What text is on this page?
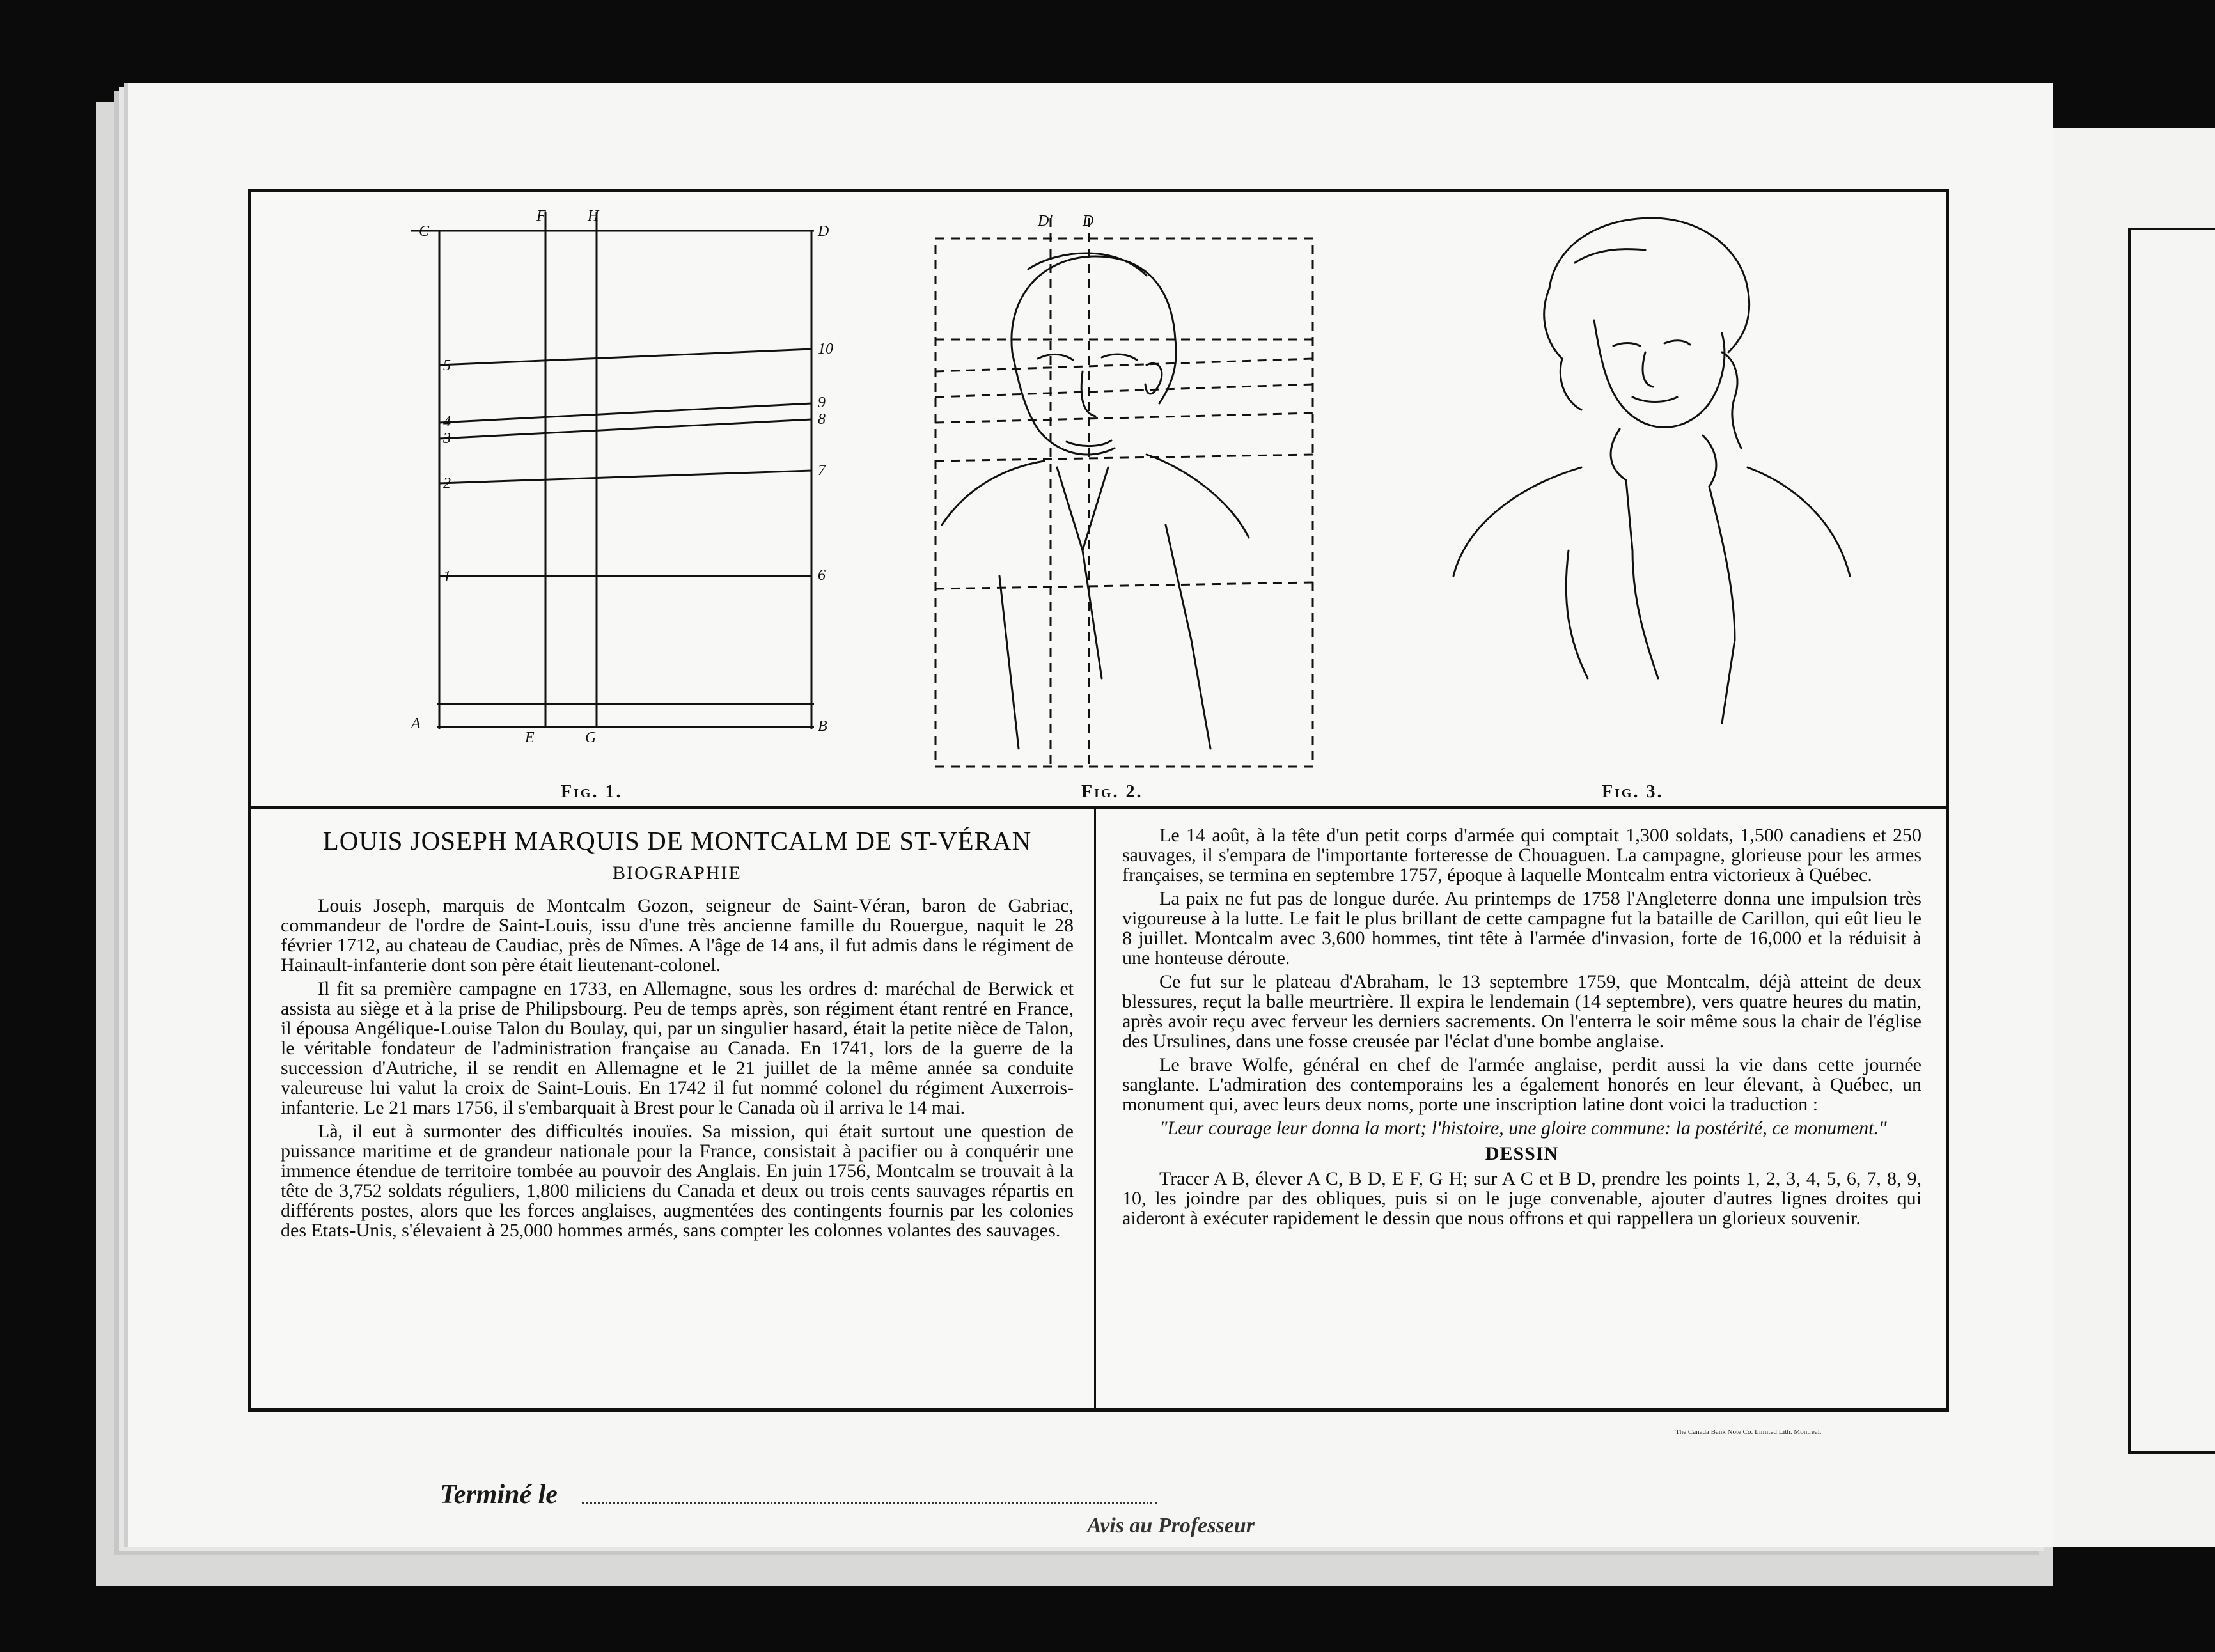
C
F	H
D
A
E	G
B
1
2
3
4
5
6
7
8
9
10
D' D
Fig. 1.	Fig. 2.	Fig. 3.
LOUIS JOSEPH MARQUIS DE MONTCALM DE ST-VÉRAN
BIOGRAPHIE

Louis Joseph, marquis de Montcalm Gozon, seigneur de Saint-Véran, baron de Gabriac, commandeur de l'ordre de Saint-Louis, issu d'une très ancienne famille du Rouergue, naquit le 28 février 1712, au chateau de Caudiac, près de Nîmes. A l'âge de 14 ans, il fut admis dans le régiment de Hainault-infanterie dont son père était lieutenant-colonel.

Il fit sa première campagne en 1733, en Allemagne, sous les ordres d: maréchal de Berwick et assista au siège et à la prise de Philipsbourg. Peu de temps après, son régiment étant rentré en France, il épousa Angélique-Louise Talon du Boulay, qui, par un singulier hasard, était la petite nièce de Talon, le véritable fondateur de l'administration française au Canada. En 1741, lors de la guerre de la succession d'Autriche, il se rendit en Allemagne et le 21 juillet de la même année sa conduite valeureuse lui valut la croix de Saint-Louis. En 1742 il fut nommé colonel du régiment Auxerrois-infanterie. Le 21 mars 1756, il s'embarquait à Brest pour le Canada où il arriva le 14 mai.

Là, il eut à surmonter des difficultés inouïes. Sa mission, qui était surtout une question de puissance maritime et de grandeur nationale pour la France, consistait à pacifier ou à conquérir une immence étendue de territoire tombée au pouvoir des Anglais. En juin 1756, Montcalm se trouvait à la tête de 3,752 soldats réguliers, 1,800 miliciens du Canada et deux ou trois cents sauvages répartis en différents postes, alors que les forces anglaises, augmentées des contingents fournis par les colonies des Etats-Unis, s'élevaient à 25,000 hommes armés, sans compter les colonnes volantes des sauvages.

Le 14 août, à la tête d'un petit corps d'armée qui comptait 1,300 soldats, 1,500 canadiens et 250 sauvages, il s'empara de l'importante forteresse de Chouaguen. La campagne, glorieuse pour les armes françaises, se termina en septembre 1757, époque à laquelle Montcalm entra victorieux à Québec.

La paix ne fut pas de longue durée. Au printemps de 1758 l'Angleterre donna une impulsion très vigoureuse à la lutte. Le fait le plus brillant de cette campagne fut la bataille de Carillon, qui eût lieu le 8 juillet. Montcalm avec 3,600 hommes, tint tête à l'armée d'invasion, forte de 16,000 et la réduisit à une honteuse déroute.

Ce fut sur le plateau d'Abraham, le 13 septembre 1759, que Montcalm, déjà atteint de deux blessures, reçut la balle meurtrière. Il expira le lendemain (14 septembre), vers quatre heures du matin, après avoir reçu avec ferveur les derniers sacrements. On l'enterra le soir même sous la chair de l'église des Ursulines, dans une fosse creusée par l'éclat d'une bombe anglaise.

Le brave Wolfe, général en chef de l'armée anglaise, perdit aussi la vie dans cette journée sanglante. L'admiration des contemporains les a également honorés en leur élevant, à Québec, un monument qui, avec leurs deux noms, porte une inscription latine dont voici la traduction :

"Leur courage leur donna la mort; l'histoire, une gloire commune: la postérité, ce monument."

DESSIN

Tracer A B, élever A C, B D, E F, G H; sur A C et B D, prendre les points 1, 2, 3, 4, 5, 6, 7, 8, 9, 10, les joindre par des obliques, puis si on le juge convenable, ajouter d'autres lignes droites qui aideront à exécuter rapidement le dessin que nous offrons et qui rappellera un glorieux souvenir.

The Canada Bank Note Co. Limited Lith. Montreal.
Terminé le
Avis au Professeur
